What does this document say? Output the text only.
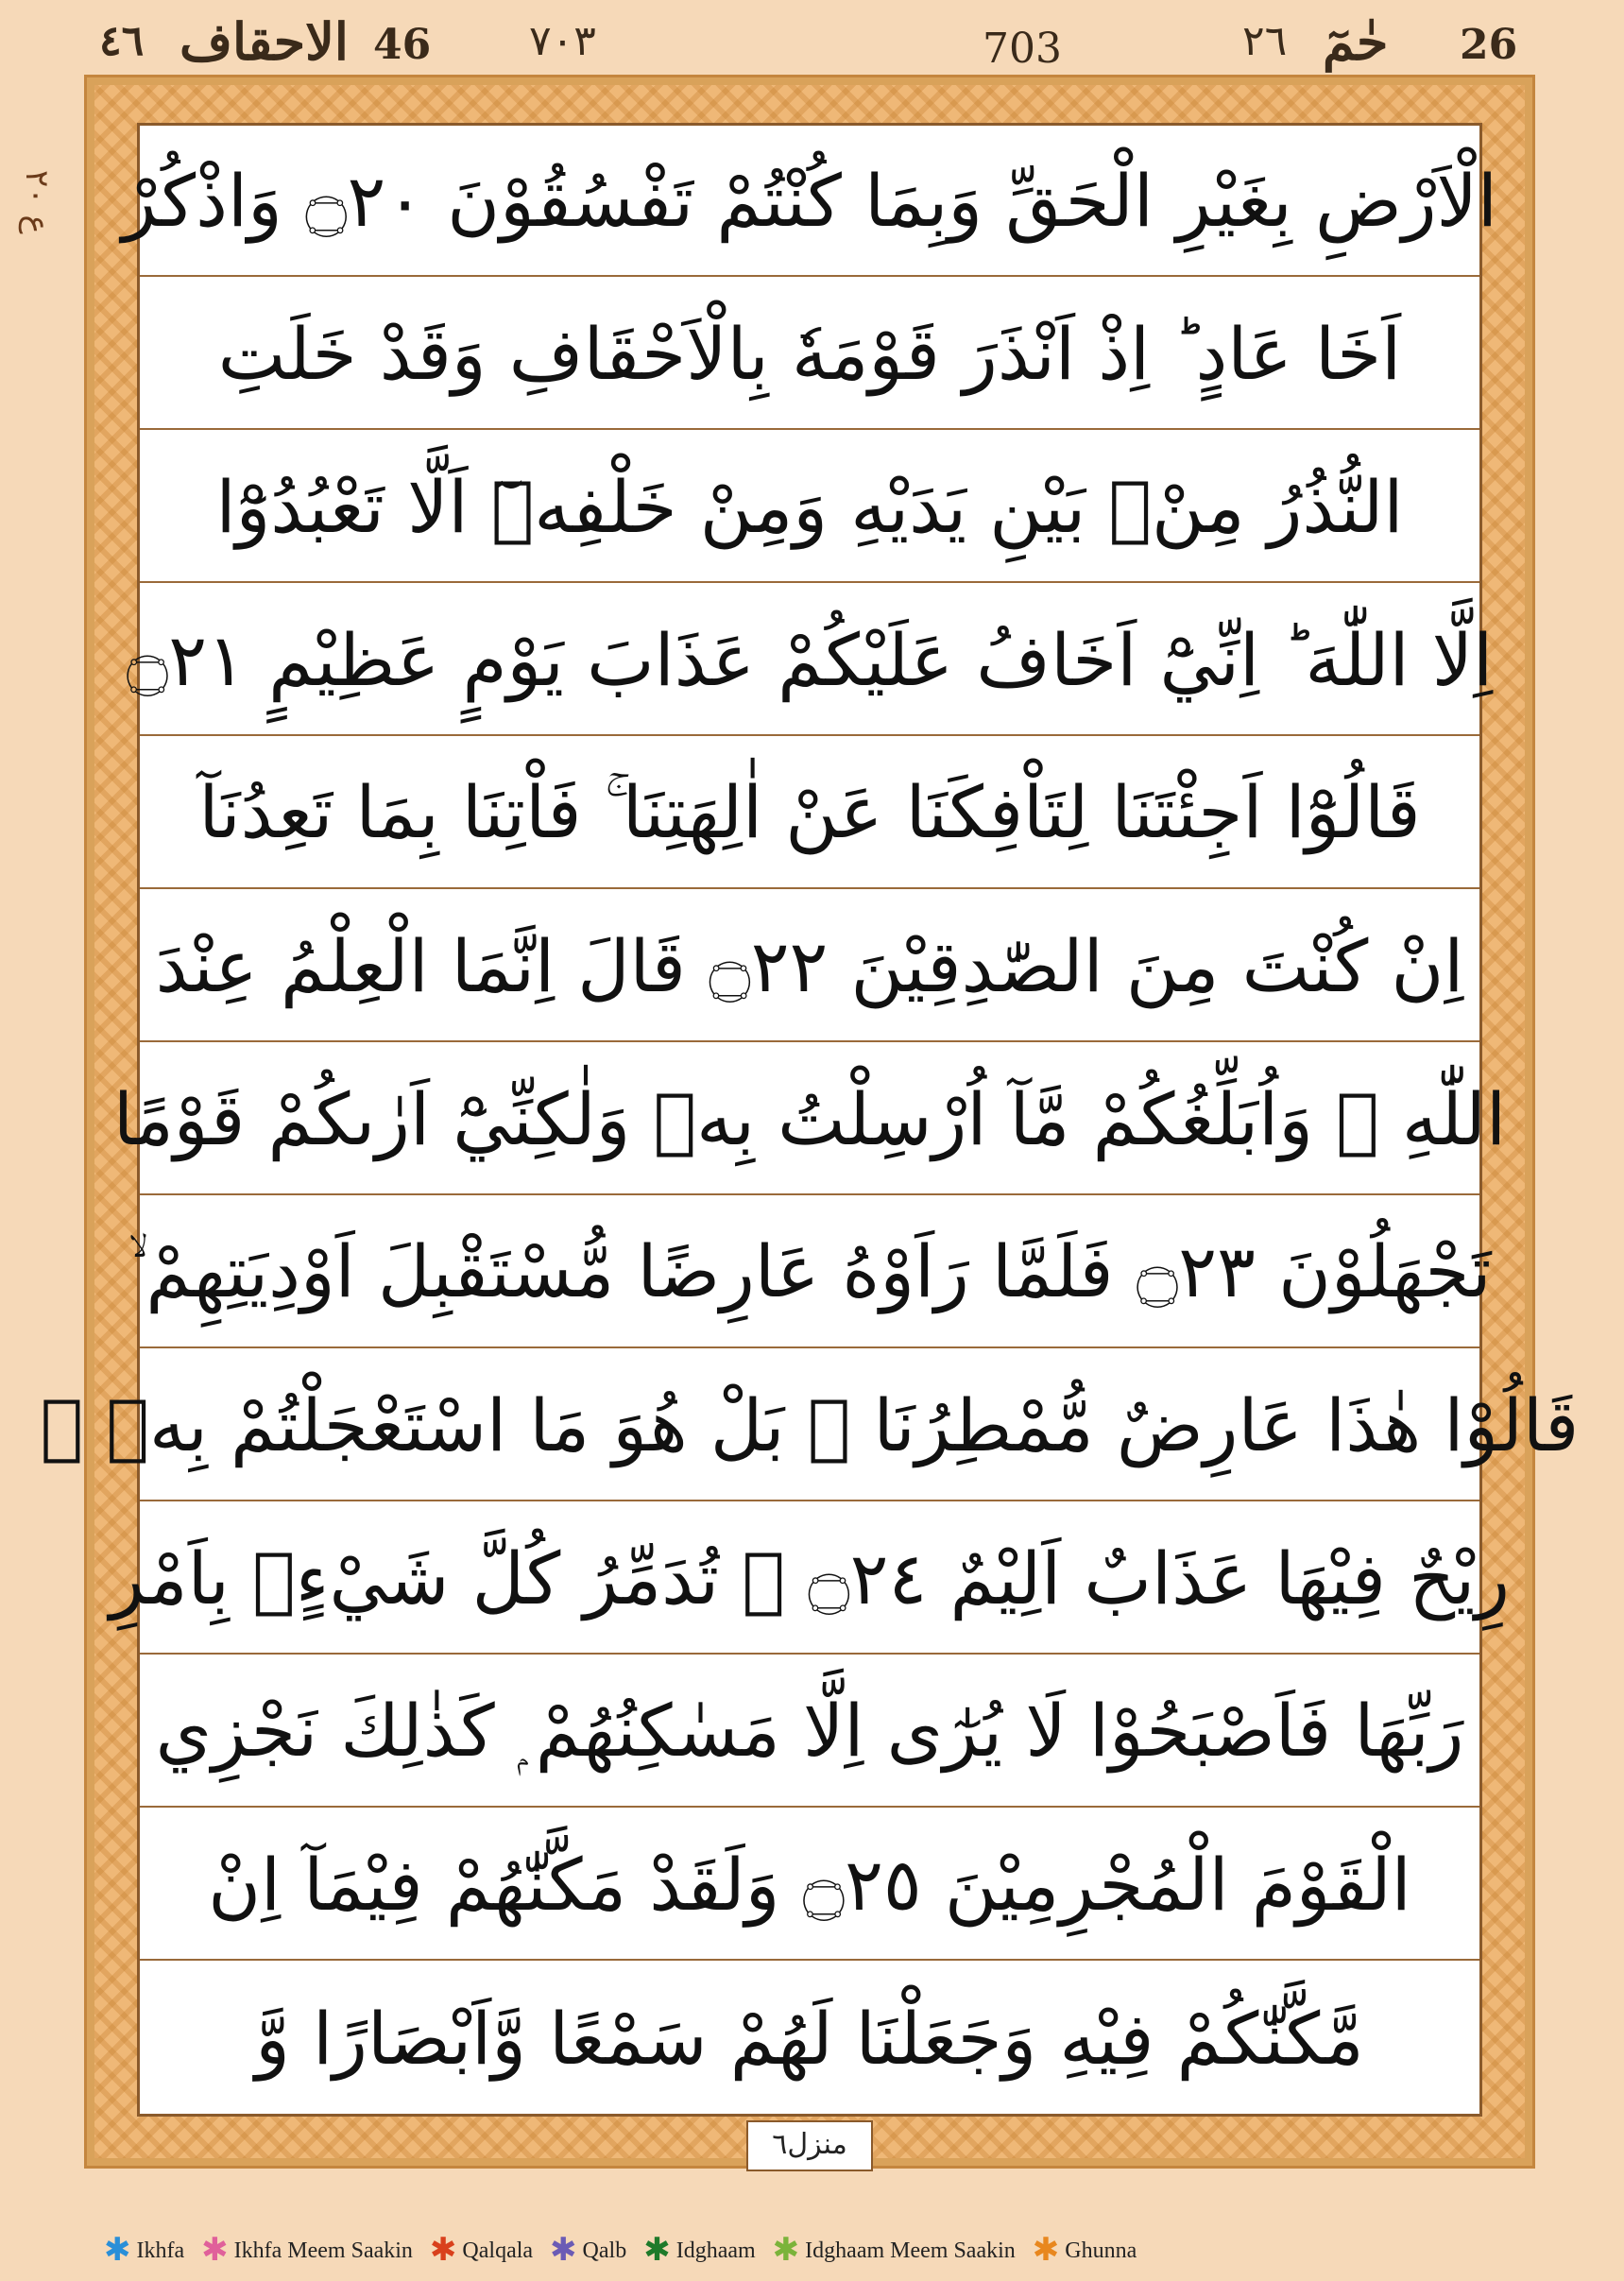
٤٦ الاحقاف 46 ٧٠٣	703	٢٦ حٰمٓ 26
ع ٢٠ الْاَرْضِ بِغَيْرِ الْحَقِّ وَبِمَا كُنْتُمْ تَفْسُقُوْنَ ۝٢٠ وَاذْكُرْ
اَخَا عَادٍ ؕ اِذْ اَنْذَرَ قَوْمَهٗ بِالْاَحْقَافِ وَقَدْ خَلَتِ
النُّذُرُ مِنْۢ بَيْنِ يَدَيْهِ وَمِنْ خَلْفِهٖٓ اَلَّا تَعْبُدُوْٓا
اِلَّا اللّٰهَ ؕ اِنِّيْٓ اَخَافُ عَلَيْكُمْ عَذَابَ يَوْمٍ عَظِيْمٍ ۝٢١
قَالُوْٓا اَجِئْتَنَا لِتَاْفِكَنَا عَنْ اٰلِهَتِنَا ۚ فَاْتِنَا بِمَا تَعِدُنَآ
اِنْ كُنْتَ مِنَ الصّٰدِقِيْنَ ۝٢٢ قَالَ اِنَّمَا الْعِلْمُ عِنْدَ
اللّٰهِ ۖ وَاُبَلِّغُكُمْ مَّآ اُرْسِلْتُ بِهٖ وَلٰكِنِّيْٓ اَرٰىكُمْ قَوْمًا
تَجْهَلُوْنَ ۝٢٣ فَلَمَّا رَاَوْهُ عَارِضًا مُّسْتَقْبِلَ اَوْدِيَتِهِمْ ۙ
قَالُوْا هٰذَا عَارِضٌ مُّمْطِرُنَا ۭ بَلْ هُوَ مَا اسْتَعْجَلْتُمْ بِهٖ ۭ
رِيْحٌ فِيْهَا عَذَابٌ اَلِيْمٌ ۝٢٤ ۙ تُدَمِّرُ كُلَّ شَيْءٍۢ بِاَمْرِ
رَبِّهَا فَاَصْبَحُوْا لَا يُرٰٓى اِلَّا مَسٰكِنُهُمْ ۭ كَذٰلِكَ نَجْزِي
الْقَوْمَ الْمُجْرِمِيْنَ ۝٢٥ وَلَقَدْ مَكَّنّٰهُمْ فِيْمَآ اِنْ
مَّكَّنّٰكُمْ فِيْهِ وَجَعَلْنَا لَهُمْ سَمْعًا وَّاَبْصَارًا وَّ
منزل٦
✱ Ikhfa ✱ Ikhfa Meem Saakin ✱ Qalqala ✱ Qalb ✱ Idghaam ✱ Idghaam Meem Saakin ✱ Ghunna
